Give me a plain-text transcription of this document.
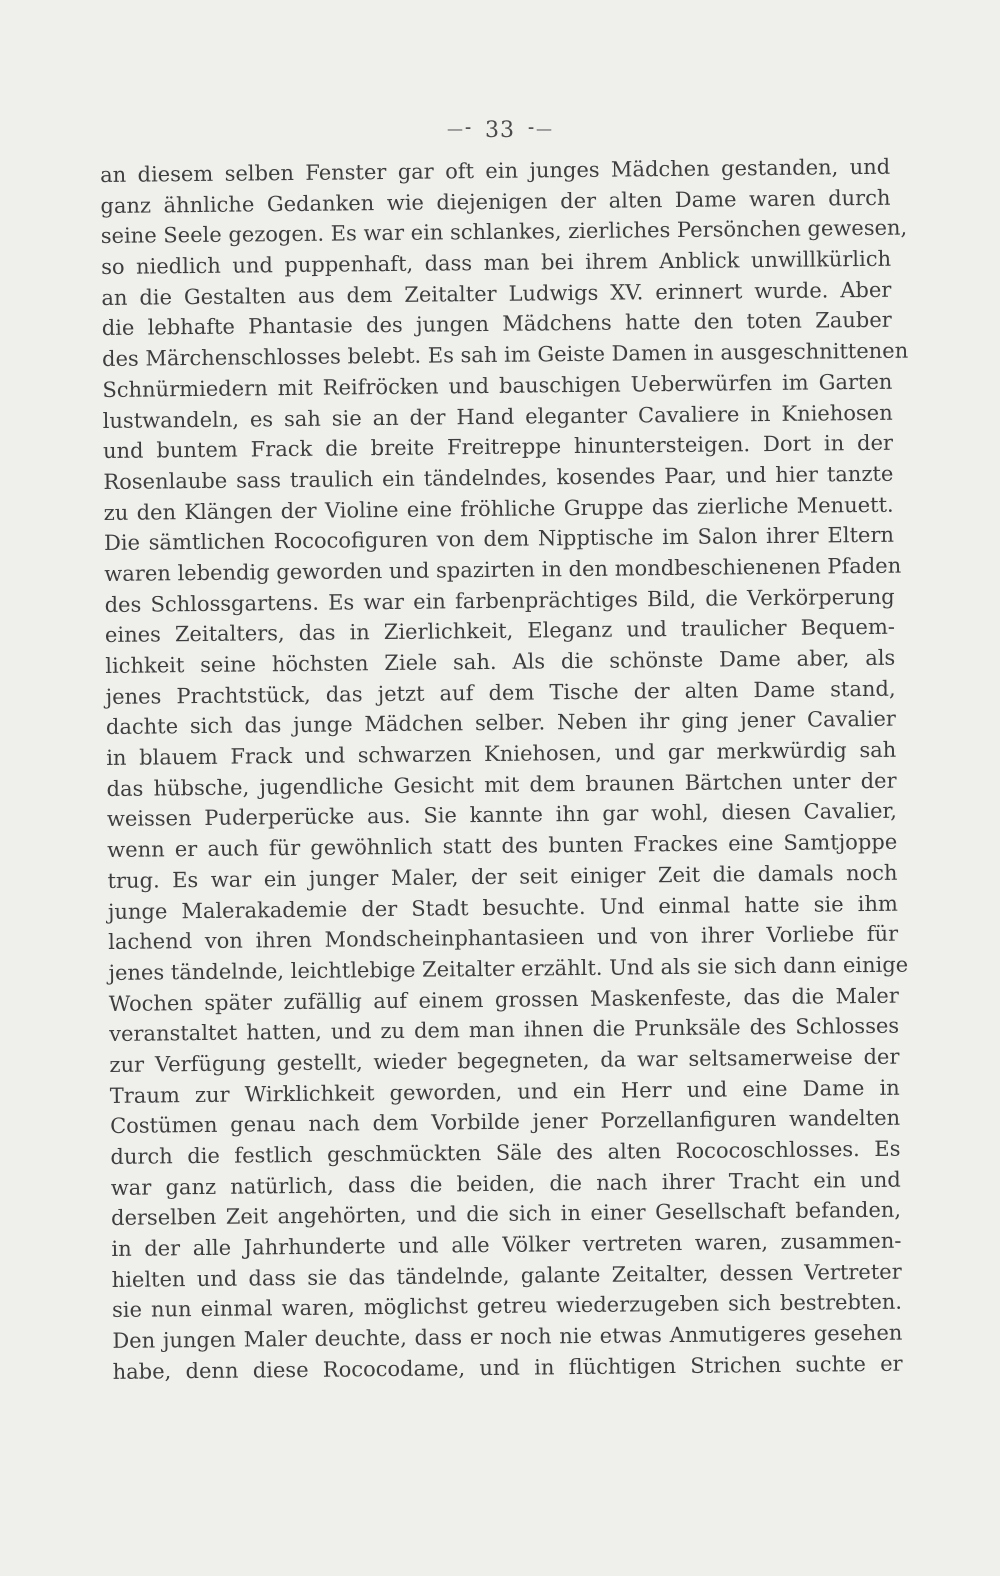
—⁃ 33 ⁃—
an diesem selben Fenster gar oft ein junges Mädchen gestanden, und
ganz ähnliche Gedanken wie diejenigen der alten Dame waren durch
seine Seele gezogen. Es war ein schlankes, zierliches Persönchen gewesen,
so niedlich und puppenhaft, dass man bei ihrem Anblick unwillkürlich
an die Gestalten aus dem Zeitalter Ludwigs XV. erinnert wurde. Aber
die lebhafte Phantasie des jungen Mädchens hatte den toten Zauber
des Märchenschlosses belebt. Es sah im Geiste Damen in ausgeschnittenen
Schnürmiedern mit Reifröcken und bauschigen Ueberwürfen im Garten
lustwandeln, es sah sie an der Hand eleganter Cavaliere in Kniehosen
und buntem Frack die breite Freitreppe hinuntersteigen. Dort in der
Rosenlaube sass traulich ein tändelndes, kosendes Paar, und hier tanzte
zu den Klängen der Violine eine fröhliche Gruppe das zierliche Menuett.
Die sämtlichen Rococofiguren von dem Nipptische im Salon ihrer Eltern
waren lebendig geworden und spazirten in den mondbeschienenen Pfaden
des Schlossgartens. Es war ein farbenprächtiges Bild, die Verkörperung
eines Zeitalters, das in Zierlichkeit, Eleganz und traulicher Bequem-
lichkeit seine höchsten Ziele sah. Als die schönste Dame aber, als
jenes Prachtstück, das jetzt auf dem Tische der alten Dame stand,
dachte sich das junge Mädchen selber. Neben ihr ging jener Cavalier
in blauem Frack und schwarzen Kniehosen, und gar merkwürdig sah
das hübsche, jugendliche Gesicht mit dem braunen Bärtchen unter der
weissen Puderperücke aus. Sie kannte ihn gar wohl, diesen Cavalier,
wenn er auch für gewöhnlich statt des bunten Frackes eine Samtjoppe
trug. Es war ein junger Maler, der seit einiger Zeit die damals noch
junge Malerakademie der Stadt besuchte. Und einmal hatte sie ihm
lachend von ihren Mondscheinphantasieen und von ihrer Vorliebe für
jenes tändelnde, leichtlebige Zeitalter erzählt. Und als sie sich dann einige
Wochen später zufällig auf einem grossen Maskenfeste, das die Maler
veranstaltet hatten, und zu dem man ihnen die Prunksäle des Schlosses
zur Verfügung gestellt, wieder begegneten, da war seltsamerweise der
Traum zur Wirklichkeit geworden, und ein Herr und eine Dame in
Costümen genau nach dem Vorbilde jener Porzellanfiguren wandelten
durch die festlich geschmückten Säle des alten Rococoschlosses. Es
war ganz natürlich, dass die beiden, die nach ihrer Tracht ein und
derselben Zeit angehörten, und die sich in einer Gesellschaft befanden,
in der alle Jahrhunderte und alle Völker vertreten waren, zusammen-
hielten und dass sie das tändelnde, galante Zeitalter, dessen Vertreter
sie nun einmal waren, möglichst getreu wiederzugeben sich bestrebten.
Den jungen Maler deuchte, dass er noch nie etwas Anmutigeres gesehen
habe, denn diese Rococodame, und in flüchtigen Strichen suchte er
